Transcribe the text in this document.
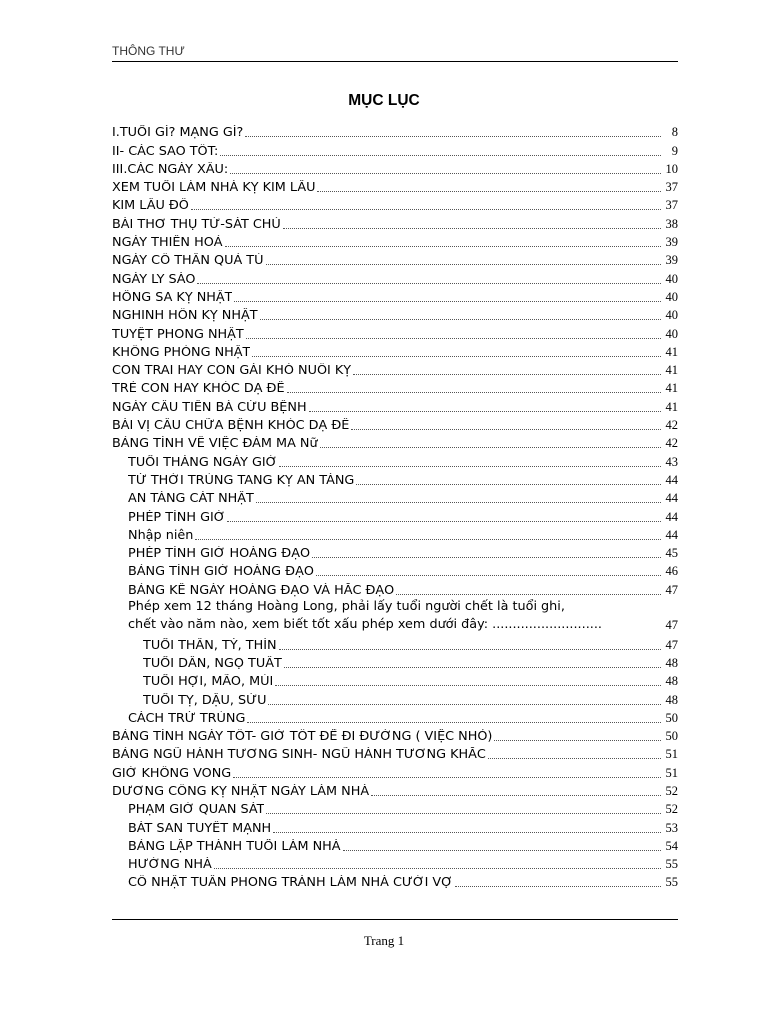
THÔNG THƯ
MỤC LỤC
I.TUỔI GÌ? MẠNG GÌ?	8
II- CÁC SAO TỐT:	9
III.CÁC NGÀY XẤU:	10
XEM TUỔI LÀM NHÀ KỴ KIM LÂU	37
KIM LÂU ĐỒ	37
BÀI THƠ THỤ TỬ-SÁT CHỦ	38
NGÀY THIÊN HOẢ	39
NGÀY CÔ THẦN QUẢ TÚ	39
NGÀY LY SÀO	40
HỒNG SA KỴ NHẬT	40
NGHINH HÔN KỴ NHẬT	40
TUYỆT PHONG NHẬT	40
KHÔNG PHÒNG NHẬT	41
CON TRAI HAY CON GÁI KHÓ NUÔI KỴ	41
TRẺ CON HAY KHÓC DẠ ĐỀ	41
NGÀY CẦU TIÊN BÀ CỨU BỆNH	41
BÀI VỊ CẦU CHỮA BỆNH KHÓC DẠ ĐỀ	42
BẢNG TÍNH VỀ VIỆC ĐÁM MA Nữ	42
TUỔI THÁNG NGÀY GIỜ	43
TỨ THỜI TRÙNG TANG KỴ AN TÁNG	44
AN TÁNG CÁT NHẬT	44
PHÉP TÍNH GIỜ	44
Nhập niên	44
PHÉP TÍNH GIỜ HOÀNG ĐẠO	45
BẢNG TÍNH GIỜ HOÀNG ĐẠO	46
BẢNG KÊ NGÀY HOÀNG ĐẠO VÀ HẮC ĐẠO	47
Phép xem 12 tháng Hoàng Long, phải lấy tuổi người chết là tuổi ghi,
chết vào năm nào, xem biết tốt xấu phép xem dưới đây: ...........................	47
TUỔI THÂN, TÝ, THÌN	47
TUỔI DẦN, NGỌ TUẤT	48
TUỔI HỢI, MÃO, MÙI	48
TUỔI TỴ, DẬU, SỬU	48
CÁCH TRỪ TRÙNG	50
BẢNG TÍNH NGÀY TỐT- GIỜ TỐT ĐỂ ĐI ĐƯỜNG ( VIỆC NHỎ)	50
BẢNG NGŨ HÀNH TƯƠNG SINH- NGŨ HÀNH TƯƠNG KHẮC	51
GIỜ KHÔNG VONG	51
DƯƠNG CÔNG KỴ NHẬT NGÀY LÀM NHÀ	52
PHẠM GIỜ QUAN SÁT	52
BÁT SAN TUYẾT MẠNH	53
BẢNG LẬP THÀNH TUỔI LÀM NHÀ	54
HƯỚNG NHÀ	55
CÔ NHẬT TUẦN PHONG TRÁNH LÀM NHÀ CƯỚI VỢ	55
Trang 1
